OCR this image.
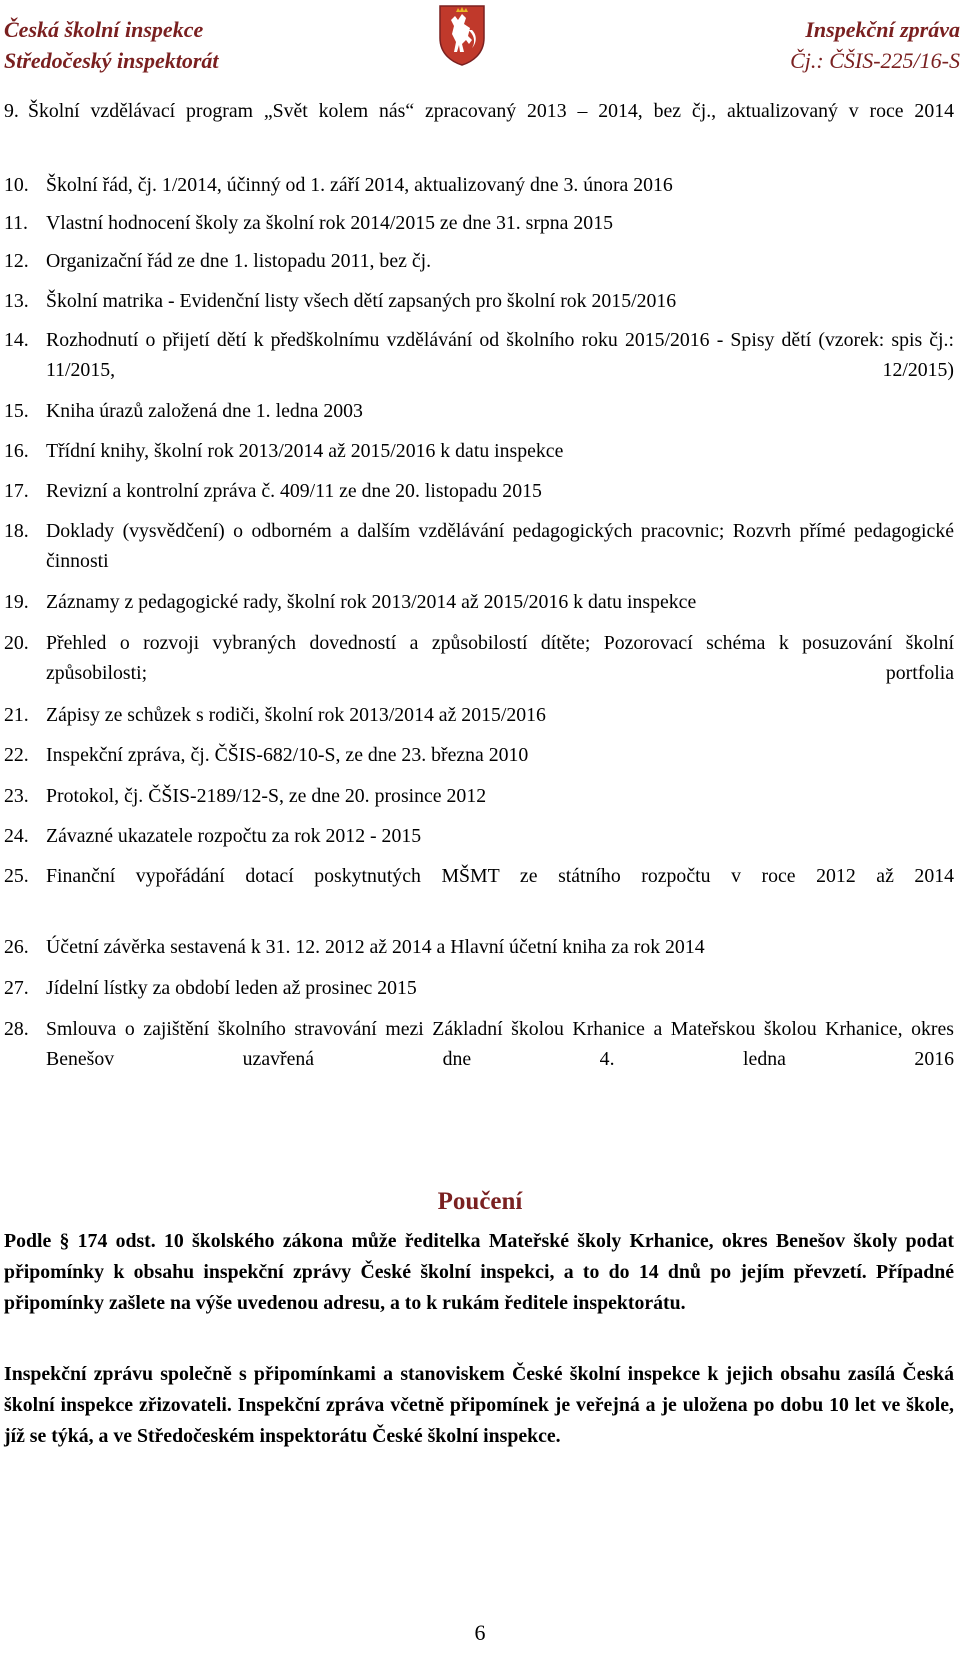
Česká školní inspekce
Středočeský inspektorát
Inspekční zpráva
Čj.: ČŠIS-225/16-S
9. Školní vzdělávací program „Svět kolem nás“ zpracovaný 2013 – 2014, bez čj., aktualizovaný v roce 2014
10. Školní řád, čj. 1/2014, účinný od 1. září 2014, aktualizovaný dne 3. února 2016
11. Vlastní hodnocení školy za školní rok 2014/2015 ze dne 31. srpna 2015
12. Organizační řád ze dne 1. listopadu 2011, bez čj.
13. Školní matrika - Evidenční listy všech dětí zapsaných pro školní rok 2015/2016
14. Rozhodnutí o přijetí dětí k předškolnímu vzdělávání od školního roku 2015/2016 - Spisy dětí (vzorek: spis čj.: 11/2015, 12/2015)
15. Kniha úrazů založená dne 1. ledna 2003
16. Třídní knihy, školní rok 2013/2014 až 2015/2016 k datu inspekce
17. Revizní a kontrolní zpráva č. 409/11 ze dne 20. listopadu 2015
18. Doklady (vysvědčení) o odborném a dalším vzdělávání pedagogických pracovnic; Rozvrh přímé pedagogické činnosti
19. Záznamy z pedagogické rady, školní rok 2013/2014 až 2015/2016 k datu inspekce
20. Přehled o rozvoji vybraných dovedností a způsobilostí dítěte; Pozorovací schéma k posuzování školní způsobilosti; portfolia
21. Zápisy ze schůzek s rodiči, školní rok 2013/2014 až 2015/2016
22. Inspekční zpráva, čj. ČŠIS-682/10-S, ze dne 23. března 2010
23. Protokol, čj. ČŠIS-2189/12-S, ze dne 20. prosince 2012
24. Závazné ukazatele rozpočtu za rok 2012 - 2015
25. Finanční vypořádání dotací poskytnutých MŠMT ze státního rozpočtu v roce 2012 až 2014
26. Účetní závěrka sestavená k 31. 12. 2012 až 2014 a Hlavní účetní kniha za rok 2014
27. Jídelní lístky za období leden až prosinec 2015
28. Smlouva o zajištění školního stravování mezi Základní školou Krhanice a Mateřskou školou Krhanice, okres Benešov uzavřená dne 4. ledna 2016
Poučení
Podle § 174 odst. 10 školského zákona může ředitelka Mateřské školy Krhanice, okres Benešov školy podat připomínky k obsahu inspekční zprávy České školní inspekci, a to do 14 dnů po jejím převzetí. Případné připomínky zašlete na výše uvedenou adresu, a to k rukám ředitele inspektorátu.
Inspekční zprávu společně s připomínkami a stanoviskem České školní inspekce k jejich obsahu zasílá Česká školní inspekce zřizovateli. Inspekční zpráva včetně připomínek je veřejná a je uložena po dobu 10 let ve škole, jíž se týká, a ve Středočeském inspektorátu České školní inspekce.
6
